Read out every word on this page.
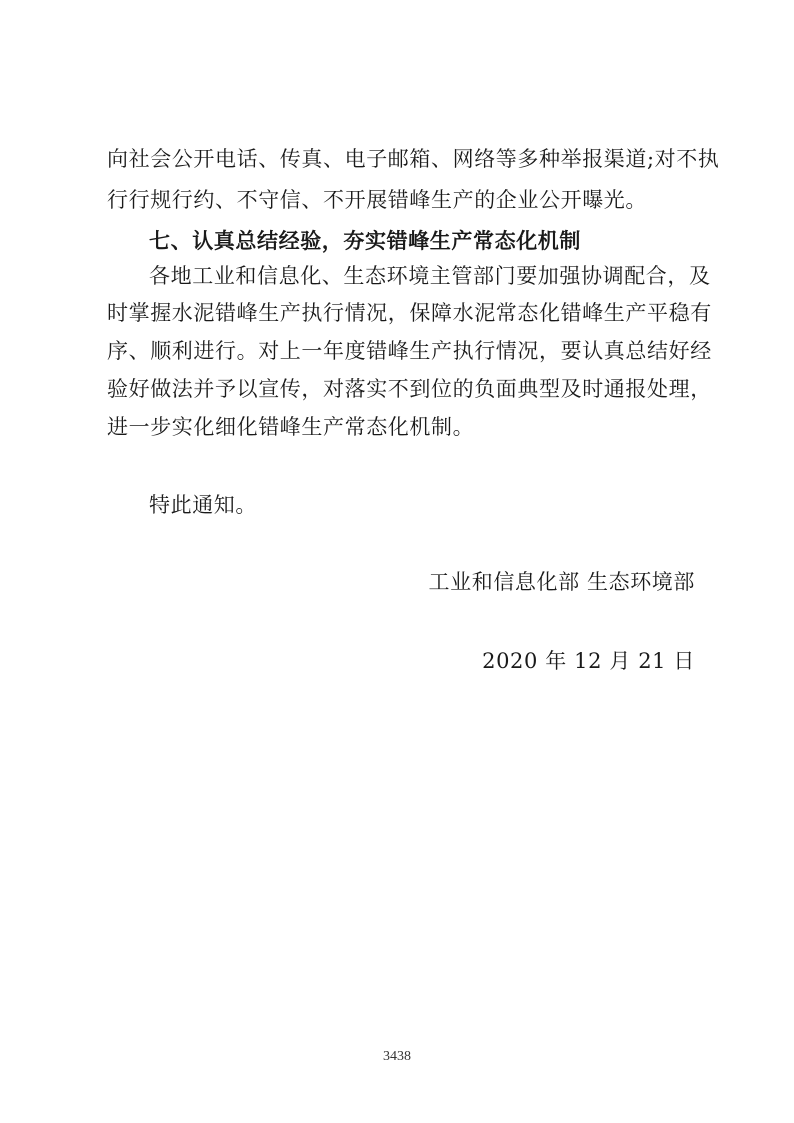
向社会公开电话、传真、电子邮箱、网络等多种举报渠道;对不执
行行规行约、不守信、不开展错峰生产的企业公开曝光。
七、认真总结经验，夯实错峰生产常态化机制
各地工业和信息化、生态环境主管部门要加强协调配合，及
时掌握水泥错峰生产执行情况，保障水泥常态化错峰生产平稳有
序、顺利进行。对上一年度错峰生产执行情况，要认真总结好经
验好做法并予以宣传，对落实不到位的负面典型及时通报处理，
进一步实化细化错峰生产常态化机制。
特此通知。
工业和信息化部 生态环境部
2020 年 12 月 21 日
3438
